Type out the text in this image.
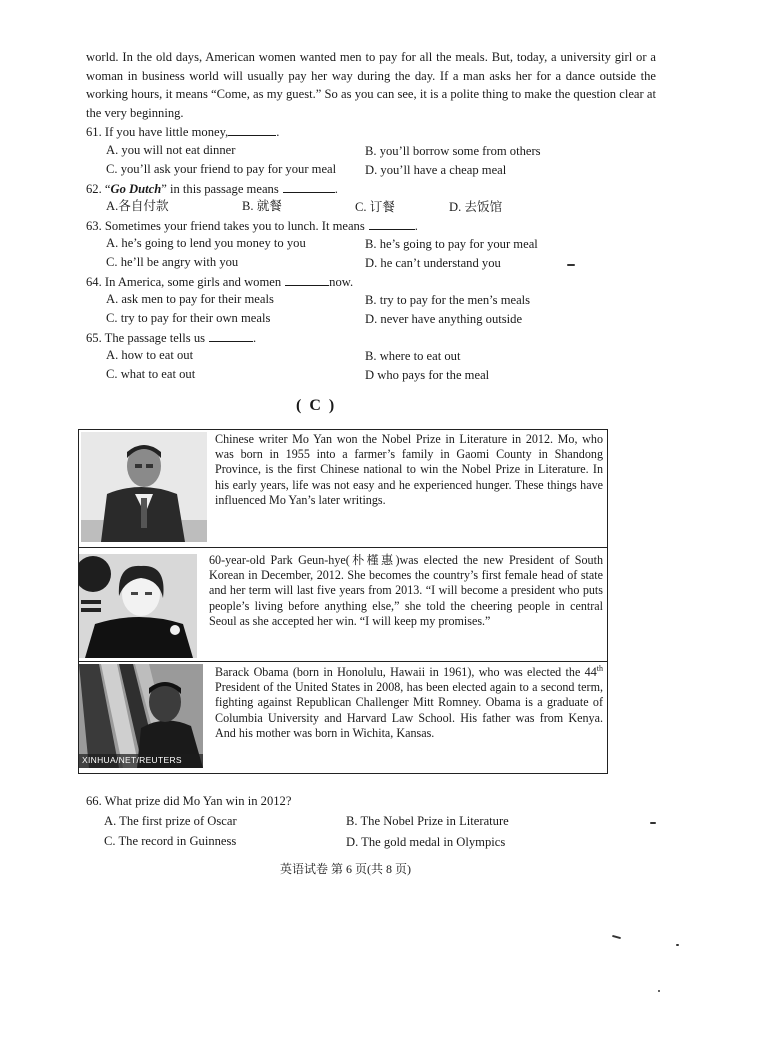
world. In the old days, American women wanted men to pay for all the meals. But, today, a university girl or a woman in business world will usually pay her way during the day. If a man asks her for a dance outside the working hours, it means “Come, as my guest.” So as you can see, it is a polite thing to make the question clear at the very beginning.

61. If you have little money,	.
A. you will not eat dinner	B. you’ll borrow some from others
C. you’ll ask your friend to pay for your meal D. you’ll have a cheap meal
62. “Go Dutch” in this passage means	.
A.各自付款	B. 就餐	C. 订餐	D. 去饭馆
63. Sometimes your friend takes you to lunch. It means	.
A. he’s going to lend you money to you	B. he’s going to pay for your meal
C. he’ll be angry with you	D. he can’t understand you
64. In America, some girls and women	now.
A. ask men to pay for their meals	B. try to pay for the men’s meals
C. try to pay for their own meals	D. never have anything outside
65. The passage tells us	.
A. how to eat out	B. where to eat out
C. what to eat out	D who pays for the meal
( C )

Chinese writer Mo Yan won the Nobel Prize in Literature in 2012. Mo, who was born in 1955 into a farmer’s family in Gaomi County in Shandong Province, is the first Chinese national to win the Nobel Prize in Literature. In his early years, life was not easy and he experienced hunger. These things have influenced Mo Yan’s later writings.

60-year-old Park Geun-hye(朴槿惠)was elected the new President of South Korean in December, 2012. She becomes the country’s first female head of state and her term will last five years from 2013. “I will become a president who puts people’s living before anything else,” she told the cheering people in central Seoul as she accepted her win. “I will keep my promises.”

XINHUA/NET/REUTERS

Barack Obama (born in Honolulu, Hawaii in 1961), who was elected the 44th President of the United States in 2008, has been elected again to a second term, fighting against Republican Challenger Mitt Romney. Obama is a graduate of Columbia University and Harvard Law School. His father was from Kenya. And his mother was born in Wichita, Kansas.

66. What prize did Mo Yan win in 2012?
A. The first prize of Oscar	B. The Nobel Prize in Literature
C. The record in Guinness	D. The gold medal in Olympics
英语试卷 第 6 页(共 8 页)
